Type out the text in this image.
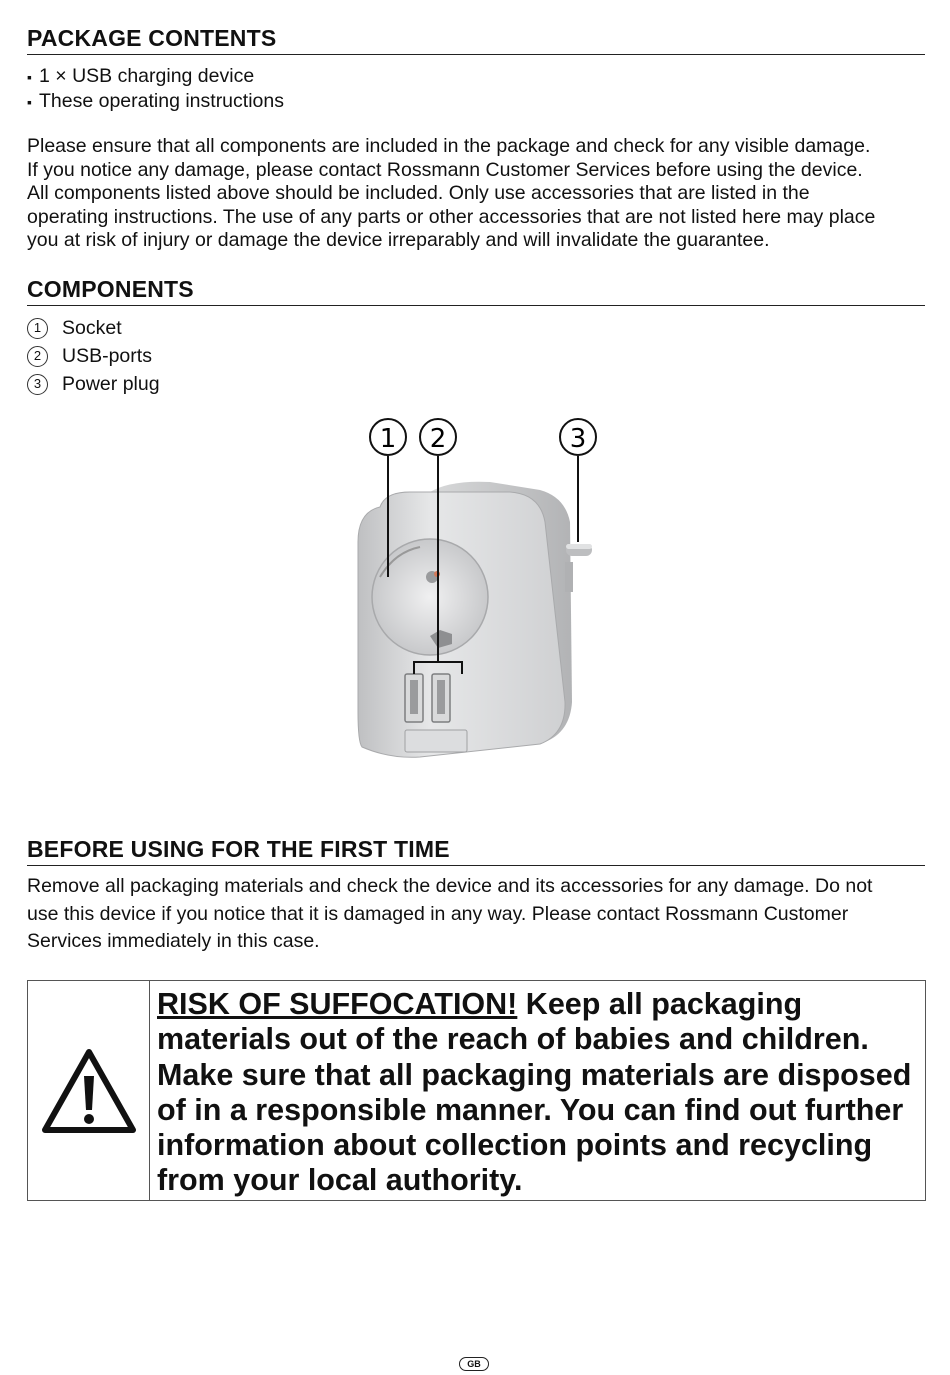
PACKAGE CONTENTS
▪ 1 × USB charging device
▪ These operating instructions
Please ensure that all components are included in the package and check for any visible damage.
If you notice any damage, please contact Rossmann Customer Services before using the device.
All components listed above should be included. Only use accessories that are listed in the
operating instructions. The use of any parts or other accessories that are not listed here may place
you at risk of injury or damage the device irreparably and will invalidate the guarantee.
COMPONENTS
1	Socket
2	USB-ports
3	Power plug
1 2	3
BEFORE USING FOR THE FIRST TIME
Remove all packaging materials and check the device and its accessories for any damage. Do not
use this device if you notice that it is damaged in any way. Please contact Rossmann Customer
Services immediately in this case.
RISK OF SUFFOCATION! Keep all packaging
materials out of the reach of babies and children.
Make sure that all packaging materials are disposed
of in a responsible manner. You can find out further
information about collection points and recycling
from your local authority.
GB
